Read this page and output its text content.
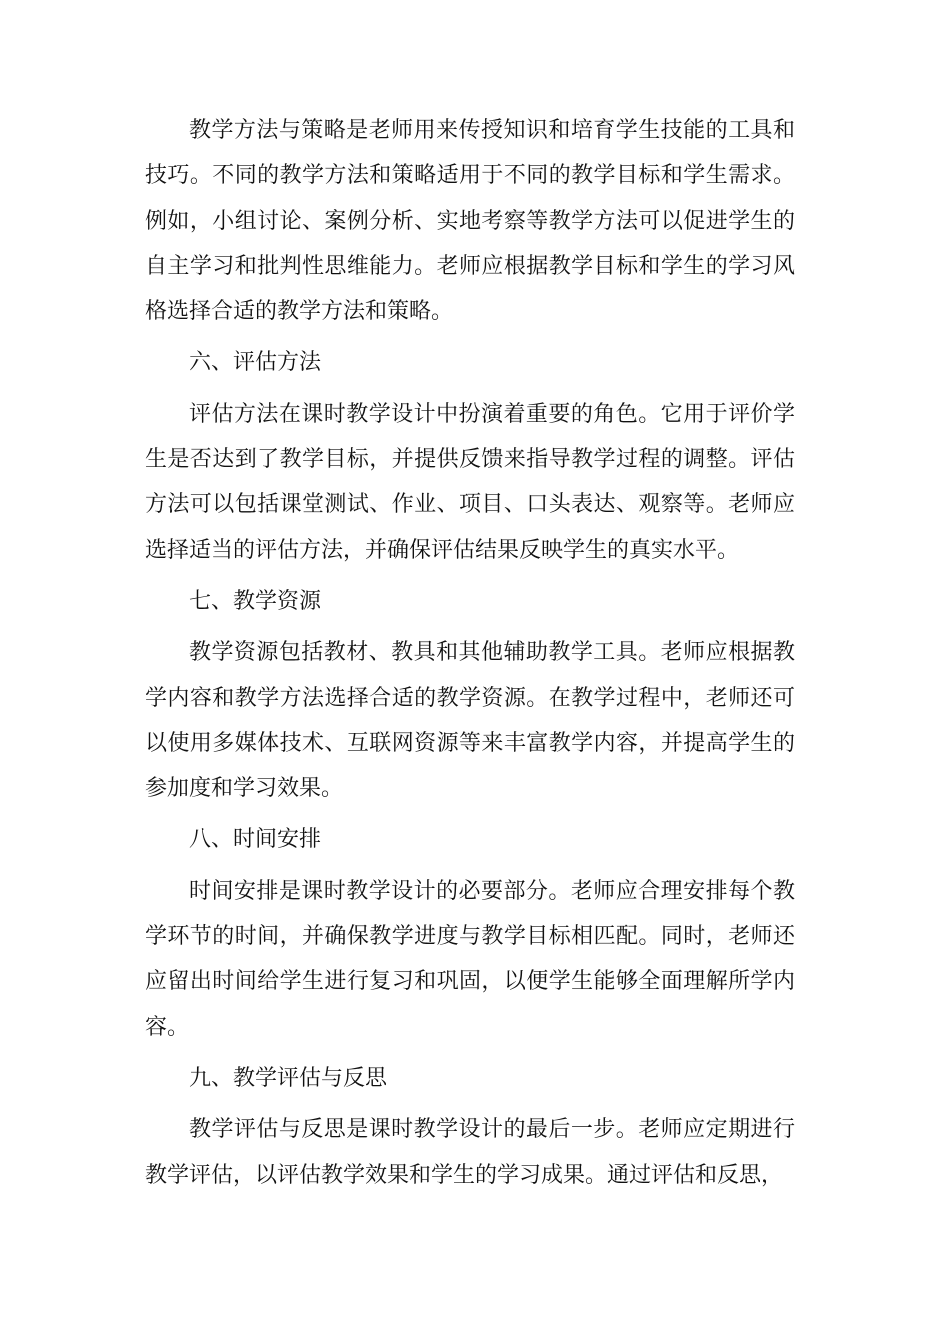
教学方法与策略是老师用来传授知识和培育学生技能的工具和技巧。不同的教学方法和策略适用于不同的教学目标和学生需求。例如，小组讨论、案例分析、实地考察等教学方法可以促进学生的自主学习和批判性思维能力。老师应根据教学目标和学生的学习风格选择合适的教学方法和策略。

六、评估方法

评估方法在课时教学设计中扮演着重要的角色。它用于评价学生是否达到了教学目标，并提供反馈来指导教学过程的调整。评估方法可以包括课堂测试、作业、项目、口头表达、观察等。老师应选择适当的评估方法，并确保评估结果反映学生的真实水平。

七、教学资源

教学资源包括教材、教具和其他辅助教学工具。老师应根据教学内容和教学方法选择合适的教学资源。在教学过程中，老师还可以使用多媒体技术、互联网资源等来丰富教学内容，并提高学生的参加度和学习效果。

八、时间安排

时间安排是课时教学设计的必要部分。老师应合理安排每个教学环节的时间，并确保教学进度与教学目标相匹配。同时，老师还应留出时间给学生进行复习和巩固，以便学生能够全面理解所学内容。

九、教学评估与反思

教学评估与反思是课时教学设计的最后一步。老师应定期进行教学评估，以评估教学效果和学生的学习成果。通过评估和反思，
